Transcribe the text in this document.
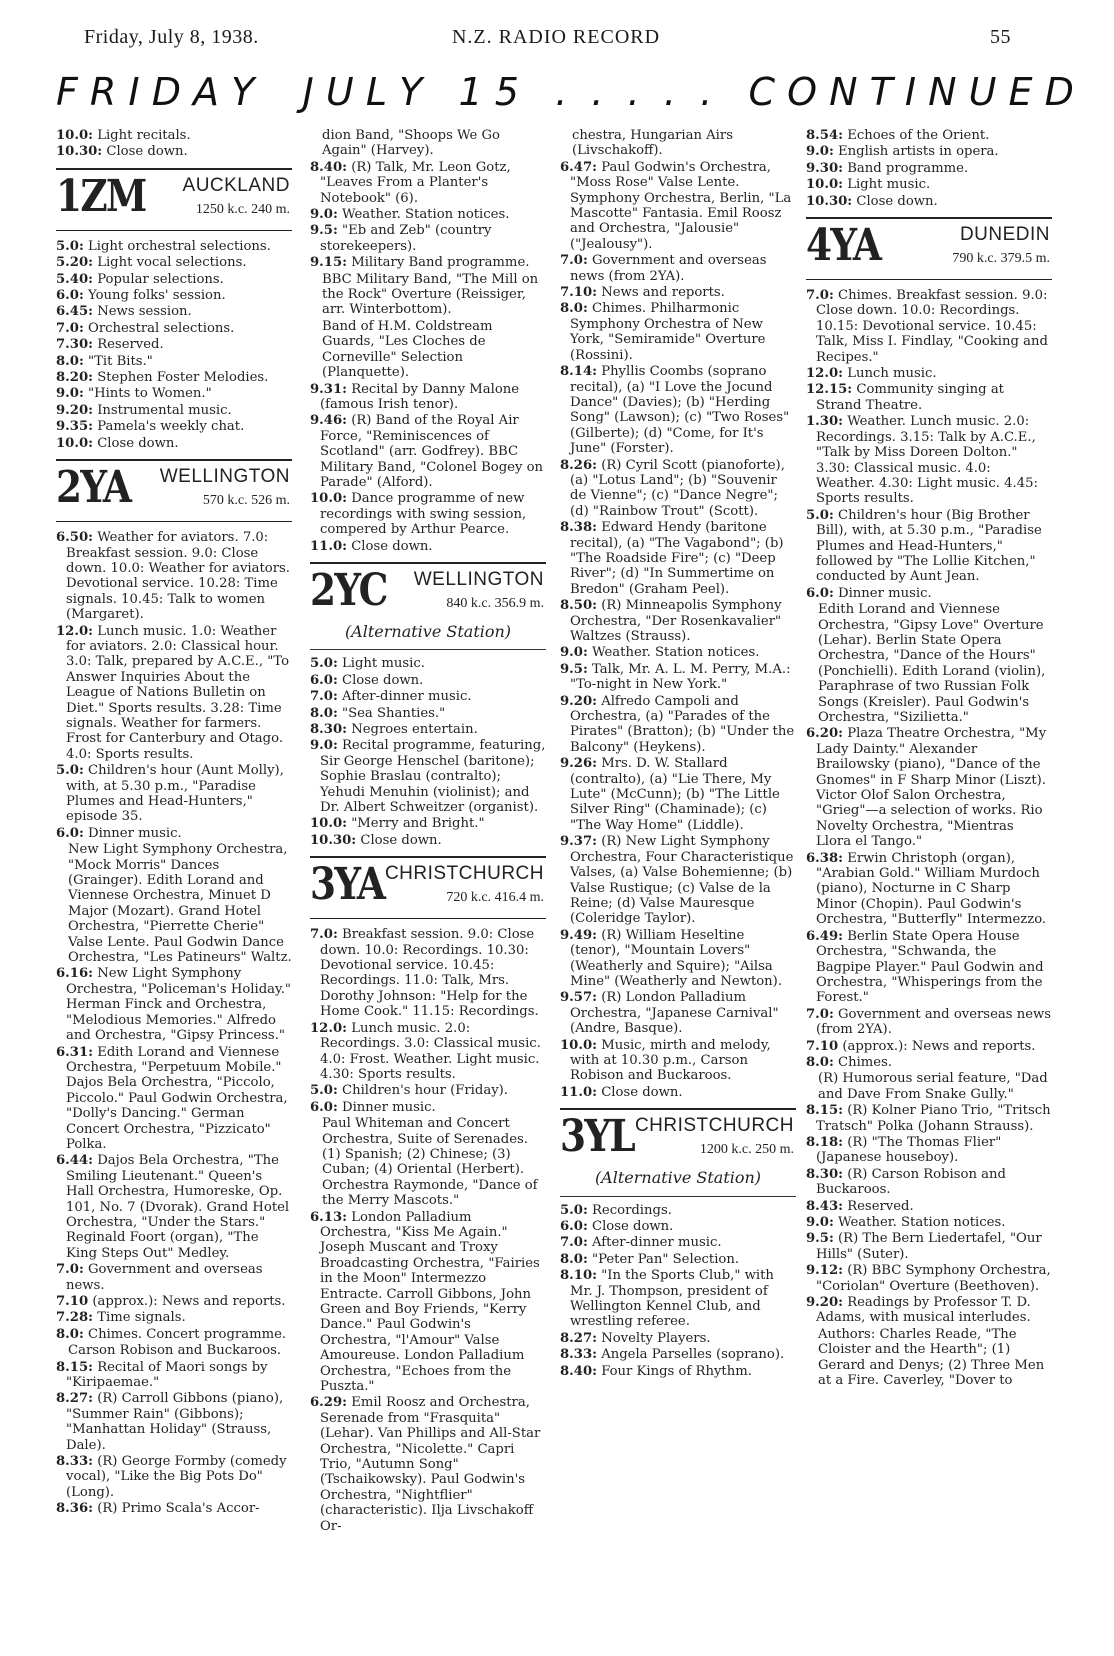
Friday, July 8, 1938.	N.Z. RADIO RECORD	55
F R I D A Y    J U L Y   1 5   .  .  .  .  .   C O N T I N U E D
10.0: Light recitals.
10.30: Close down.
1ZM AUCKLAND
1250 k.c. 240 m.
5.0: Light orchestral selections.
5.20: Light vocal selections.
5.40: Popular selections.
6.0: Young folks' session.
6.45: News session.
7.0: Orchestral selections.
7.30: Reserved.
8.0: "Tit Bits."
8.20: Stephen Foster Melodies.
9.0: "Hints to Women."
9.20: Instrumental music.
9.35: Pamela's weekly chat.
10.0: Close down.
2YA WELLINGTON
570 k.c. 526 m.
6.50: Weather for aviators. 7.0: Breakfast session. 9.0: Close down. 10.0: Weather for aviators. Devotional service. 10.28: Time signals. 10.45: Talk to women (Margaret).
12.0: Lunch music. 1.0: Weather for aviators. 2.0: Classical hour. 3.0: Talk, prepared by A.C.E., "To Answer Inquiries About the League of Nations Bulletin on Diet." Sports results. 3.28: Time signals. Weather for farmers. Frost for Canterbury and Otago. 4.0: Sports results.
5.0: Children's hour (Aunt Molly), with, at 5.30 p.m., "Paradise Plumes and Head-Hunters," episode 35.
6.0: Dinner music.
New Light Symphony Orchestra, "Mock Morris" Dances (Grainger). Edith Lorand and Viennese Orchestra, Minuet D Major (Mozart). Grand Hotel Orchestra, "Pierrette Cherie" Valse Lente. Paul Godwin Dance Orchestra, "Les Patineurs" Waltz.
6.16: New Light Symphony Orchestra, "Policeman's Holiday." Herman Finck and Orchestra, "Melodious Memories." Alfredo and Orchestra, "Gipsy Princess."
6.31: Edith Lorand and Viennese Orchestra, "Perpetuum Mobile." Dajos Bela Orchestra, "Piccolo, Piccolo." Paul Godwin Orchestra, "Dolly's Dancing." German Concert Orchestra, "Pizzicato" Polka.
6.44: Dajos Bela Orchestra, "The Smiling Lieutenant." Queen's Hall Orchestra, Humoreske, Op. 101, No. 7 (Dvorak). Grand Hotel Orchestra, "Under the Stars." Reginald Foort (organ), "The King Steps Out" Medley.
7.0: Government and overseas news.
7.10 (approx.): News and reports.
7.28: Time signals.
8.0: Chimes. Concert programme.
Carson Robison and Buckaroos.
8.15: Recital of Maori songs by "Kiripaemae."
8.27: (R) Carroll Gibbons (piano), "Summer Rain" (Gibbons); "Manhattan Holiday" (Strauss, Dale).
8.33: (R) George Formby (comedy vocal), "Like the Big Pots Do" (Long).
8.36: (R) Primo Scala's Accor-
dion Band, "Shoops We Go Again" (Harvey).
8.40: (R) Talk, Mr. Leon Gotz, "Leaves From a Planter's Notebook" (6).
9.0: Weather. Station notices.
9.5: "Eb and Zeb" (country storekeepers).
9.15: Military Band programme.
BBC Military Band, "The Mill on the Rock" Overture (Reissiger, arr. Winterbottom).
Band of H.M. Coldstream Guards, "Les Cloches de Corneville" Selection (Planquette).
9.31: Recital by Danny Malone (famous Irish tenor).
9.46: (R) Band of the Royal Air Force, "Reminiscences of Scotland" (arr. Godfrey). BBC Military Band, "Colonel Bogey on Parade" (Alford).
10.0: Dance programme of new recordings with swing session, compered by Arthur Pearce.
11.0: Close down.
2YC WELLINGTON
840 k.c. 356.9 m.
(Alternative Station)
5.0: Light music.
6.0: Close down.
7.0: After-dinner music.
8.0: "Sea Shanties."
8.30: Negroes entertain.
9.0: Recital programme, featuring, Sir George Henschel (baritone); Sophie Braslau (contralto); Yehudi Menuhin (violinist); and Dr. Albert Schweitzer (organist).
10.0: "Merry and Bright."
10.30: Close down.
3YA CHRISTCHURCH
720 k.c. 416.4 m.
7.0: Breakfast session. 9.0: Close down. 10.0: Recordings. 10.30: Devotional service. 10.45: Recordings. 11.0: Talk, Mrs. Dorothy Johnson: "Help for the Home Cook." 11.15: Recordings.
12.0: Lunch music. 2.0: Recordings. 3.0: Classical music. 4.0: Frost. Weather. Light music. 4.30: Sports results.
5.0: Children's hour (Friday).
6.0: Dinner music.
Paul Whiteman and Concert Orchestra, Suite of Serenades. (1) Spanish; (2) Chinese; (3) Cuban; (4) Oriental (Herbert). Orchestra Raymonde, "Dance of the Merry Mascots."
6.13: London Palladium Orchestra, "Kiss Me Again." Joseph Muscant and Troxy Broadcasting Orchestra, "Fairies in the Moon" Intermezzo Entracte. Carroll Gibbons, John Green and Boy Friends, "Kerry Dance." Paul Godwin's Orchestra, "l'Amour" Valse Amoureuse. London Palladium Orchestra, "Echoes from the Puszta."
6.29: Emil Roosz and Orchestra, Serenade from "Frasquita" (Lehar). Van Phillips and All-Star Orchestra, "Nicolette." Capri Trio, "Autumn Song" (Tschaikowsky). Paul Godwin's Orchestra, "Nightflier" (characteristic). Ilja Livschakoff Or-
chestra, Hungarian Airs (Livschakoff).
6.47: Paul Godwin's Orchestra, "Moss Rose" Valse Lente. Symphony Orchestra, Berlin, "La Mascotte" Fantasia. Emil Roosz and Orchestra, "Jalousie" ("Jealousy").
7.0: Government and overseas news (from 2YA).
7.10: News and reports.
8.0: Chimes. Philharmonic Symphony Orchestra of New York, "Semiramide" Overture (Rossini).
8.14: Phyllis Coombs (soprano recital), (a) "I Love the Jocund Dance" (Davies); (b) "Herding Song" (Lawson); (c) "Two Roses" (Gilberte); (d) "Come, for It's June" (Forster).
8.26: (R) Cyril Scott (pianoforte), (a) "Lotus Land"; (b) "Souvenir de Vienne"; (c) "Dance Negre"; (d) "Rainbow Trout" (Scott).
8.38: Edward Hendy (baritone recital), (a) "The Vagabond"; (b) "The Roadside Fire"; (c) "Deep River"; (d) "In Summertime on Bredon" (Graham Peel).
8.50: (R) Minneapolis Symphony Orchestra, "Der Rosenkavalier" Waltzes (Strauss).
9.0: Weather. Station notices.
9.5: Talk, Mr. A. L. M. Perry, M.A.: "To-night in New York."
9.20: Alfredo Campoli and Orchestra, (a) "Parades of the Pirates" (Bratton); (b) "Under the Balcony" (Heykens).
9.26: Mrs. D. W. Stallard (contralto), (a) "Lie There, My Lute" (McCunn); (b) "The Little Silver Ring" (Chaminade); (c) "The Way Home" (Liddle).
9.37: (R) New Light Symphony Orchestra, Four Characteristique Valses, (a) Valse Bohemienne; (b) Valse Rustique; (c) Valse de la Reine; (d) Valse Mauresque (Coleridge Taylor).
9.49: (R) William Heseltine (tenor), "Mountain Lovers" (Weatherly and Squire); "Ailsa Mine" (Weatherly and Newton).
9.57: (R) London Palladium Orchestra, "Japanese Carnival" (Andre, Basque).
10.0: Music, mirth and melody, with at 10.30 p.m., Carson Robison and Buckaroos.
11.0: Close down.
3YL CHRISTCHURCH
1200 k.c. 250 m.
(Alternative Station)
5.0: Recordings.
6.0: Close down.
7.0: After-dinner music.
8.0: "Peter Pan" Selection.
8.10: "In the Sports Club," with Mr. J. Thompson, president of Wellington Kennel Club, and wrestling referee.
8.27: Novelty Players.
8.33: Angela Parselles (soprano).
8.40: Four Kings of Rhythm.
8.54: Echoes of the Orient.
9.0: English artists in opera.
9.30: Band programme.
10.0: Light music.
10.30: Close down.
4YA	DUNEDIN
790 k.c. 379.5 m.
7.0: Chimes. Breakfast session. 9.0: Close down. 10.0: Recordings. 10.15: Devotional service. 10.45: Talk, Miss I. Findlay, "Cooking and Recipes."
12.0: Lunch music.
12.15: Community singing at Strand Theatre.
1.30: Weather. Lunch music. 2.0: Recordings. 3.15: Talk by A.C.E., "Talk by Miss Doreen Dolton." 3.30: Classical music. 4.0: Weather. 4.30: Light music. 4.45: Sports results.
5.0: Children's hour (Big Brother Bill), with, at 5.30 p.m., "Paradise Plumes and Head-Hunters," followed by "The Lollie Kitchen," conducted by Aunt Jean.
6.0: Dinner music.
Edith Lorand and Viennese Orchestra, "Gipsy Love" Overture (Lehar). Berlin State Opera Orchestra, "Dance of the Hours" (Ponchielli). Edith Lorand (violin), Paraphrase of two Russian Folk Songs (Kreisler). Paul Godwin's Orchestra, "Sizilietta."
6.20: Plaza Theatre Orchestra, "My Lady Dainty." Alexander Brailowsky (piano), "Dance of the Gnomes" in F Sharp Minor (Liszt). Victor Olof Salon Orchestra, "Grieg"—a selection of works. Rio Novelty Orchestra, "Mientras Llora el Tango."
6.38: Erwin Christoph (organ), "Arabian Gold." William Murdoch (piano), Nocturne in C Sharp Minor (Chopin). Paul Godwin's Orchestra, "Butterfly" Intermezzo.
6.49: Berlin State Opera House Orchestra, "Schwanda, the Bagpipe Player." Paul Godwin and Orchestra, "Whisperings from the Forest."
7.0: Government and overseas news (from 2YA).
7.10 (approx.): News and reports.
8.0: Chimes.
(R) Humorous serial feature, "Dad and Dave From Snake Gully."
8.15: (R) Kolner Piano Trio, "Tritsch Tratsch" Polka (Johann Strauss).
8.18: (R) "The Thomas Flier" (Japanese houseboy).
8.30: (R) Carson Robison and Buckaroos.
8.43: Reserved.
9.0: Weather. Station notices.
9.5: (R) The Bern Liedertafel, "Our Hills" (Suter).
9.12: (R) BBC Symphony Orchestra, "Coriolan" Overture (Beethoven).
9.20: Readings by Professor T. D. Adams, with musical interludes.
Authors: Charles Reade, "The Cloister and the Hearth"; (1) Gerard and Denys; (2) Three Men at a Fire. Caverley, "Dover to
